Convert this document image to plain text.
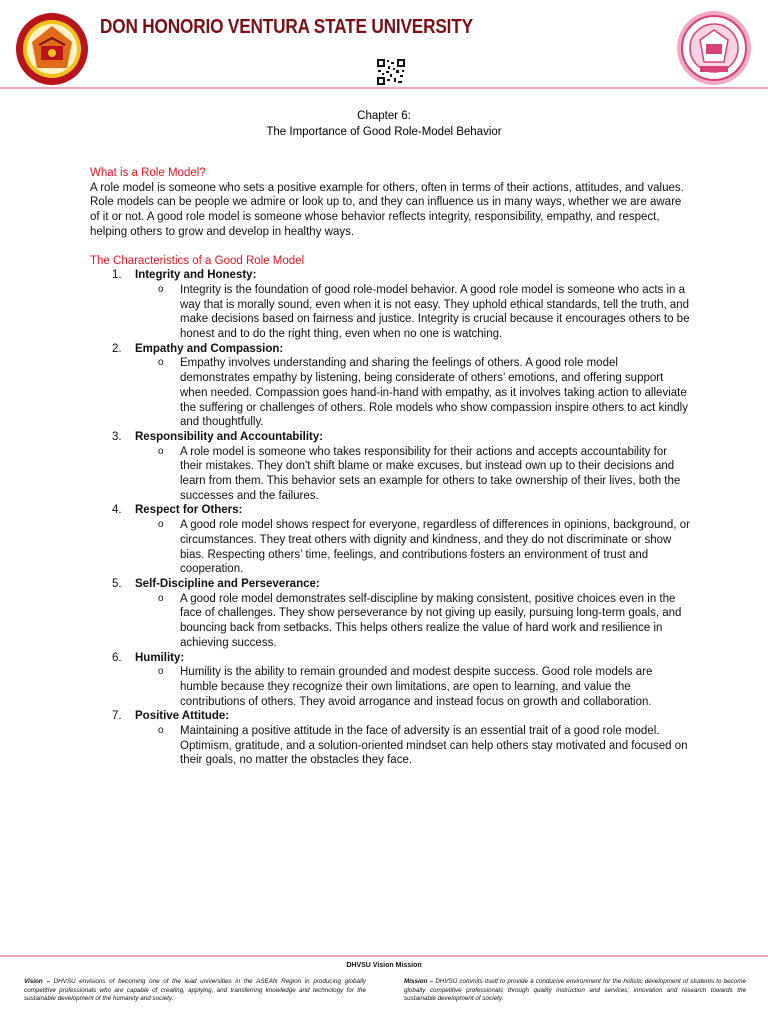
DON HONORIO VENTURA STATE UNIVERSITY
Chapter 6:
The Importance of Good Role-Model Behavior
What is a Role Model?

A role model is someone who sets a positive example for others, often in terms of their actions, attitudes, and values. Role models can be people we admire or look up to, and they can influence us in many ways, whether we are aware of it or not. A good role model is someone whose behavior reflects integrity, responsibility, empathy, and respect, helping others to grow and develop in healthy ways.

The Characteristics of a Good Role Model
1. Integrity and Honesty:
o Integrity is the foundation of good role-model behavior. A good role model is someone who acts in a way that is morally sound, even when it is not easy. They uphold ethical standards, tell the truth, and make decisions based on fairness and justice. Integrity is crucial because it encourages others to be honest and to do the right thing, even when no one is watching.
2. Empathy and Compassion:
o Empathy involves understanding and sharing the feelings of others. A good role model demonstrates empathy by listening, being considerate of others’ emotions, and offering support when needed. Compassion goes hand-in-hand with empathy, as it involves taking action to alleviate the suffering or challenges of others. Role models who show compassion inspire others to act kindly and thoughtfully.
3. Responsibility and Accountability:
o A role model is someone who takes responsibility for their actions and accepts accountability for their mistakes. They don't shift blame or make excuses, but instead own up to their decisions and learn from them. This behavior sets an example for others to take ownership of their lives, both the successes and the failures.
4. Respect for Others:
o A good role model shows respect for everyone, regardless of differences in opinions, background, or circumstances. They treat others with dignity and kindness, and they do not discriminate or show bias. Respecting others’ time, feelings, and contributions fosters an environment of trust and cooperation.
5. Self-Discipline and Perseverance:
o A good role model demonstrates self-discipline by making consistent, positive choices even in the face of challenges. They show perseverance by not giving up easily, pursuing long-term goals, and bouncing back from setbacks. This helps others realize the value of hard work and resilience in achieving success.
6. Humility:
o Humility is the ability to remain grounded and modest despite success. Good role models are humble because they recognize their own limitations, are open to learning, and value the contributions of others. They avoid arrogance and instead focus on growth and collaboration.
7. Positive Attitude:
o Maintaining a positive attitude in the face of adversity is an essential trait of a good role model. Optimism, gratitude, and a solution-oriented mindset can help others stay motivated and focused on their goals, no matter the obstacles they face.
DHVSU Vision Mission
Vision – DHVSU envisions of becoming one of the lead universities in the ASEAN Region in producing globally competitive professionals who are capable of creating, applying, and transferring knowledge and technology for the sustainable development of the humanity and society.
Mission – DHVSU commits itself to provide a conducive environment for the holistic development of students to become globally competitive professionals through quality instruction and services; innovation and research towards the sustainable development of society.
